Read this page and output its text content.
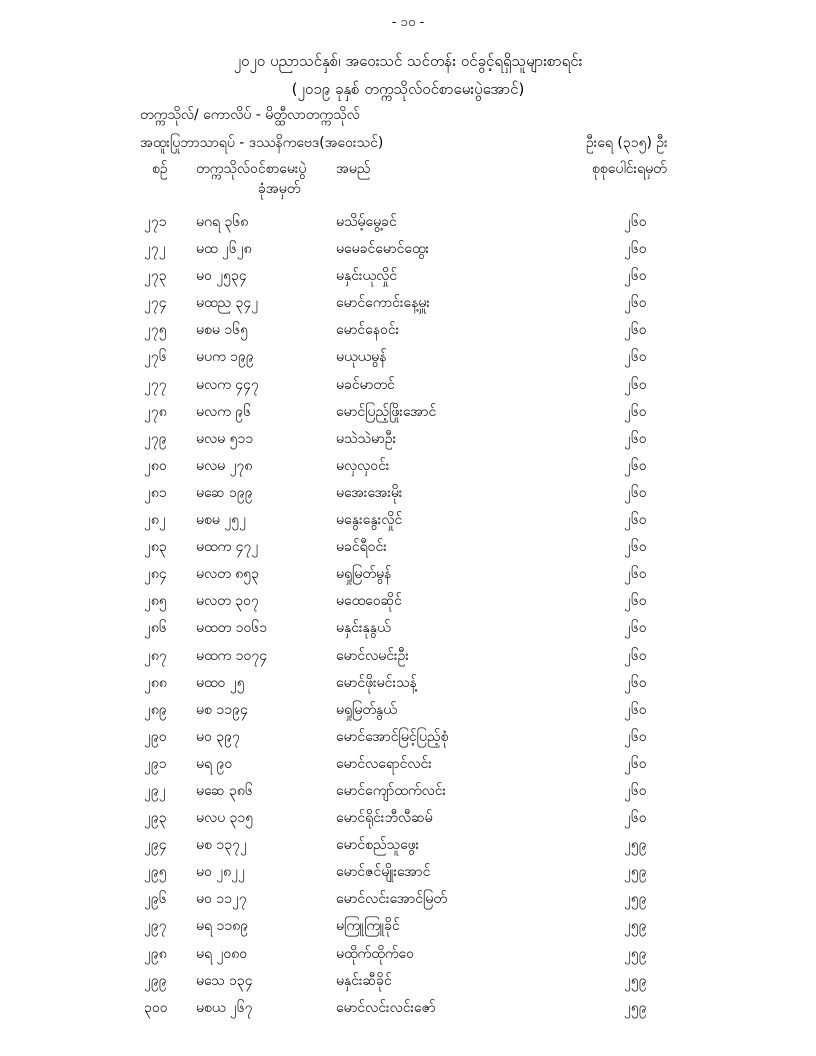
- ၁၀ -
၂၀၂၀ ပညာသင်နှစ်၊ အဝေးသင် သင်တန်း ဝင်ခွင့်ရရှိသူများစာရင်း
(၂၀၁၉ ခုနှစ် တက္ကသိုလ်ဝင်စာမေးပွဲအောင်)
တက္ကသိုလ်/ ကောလိပ် - မိတ္ထီလာတက္ကသိုလ်
အထူးပြုဘာသာရပ် - ဒဿနိကဗေဒ(အဝေးသင်)	ဦးရေ (၃၁၅) ဦး
စဉ် တက္ကသိုလ်ဝင်စာမေးပွဲ
ခုံအမှတ်
အမည်	စုစုပေါင်းရမှတ်
၂၇၁ မဂရ ၃၆၈	မသိမ့်မွေ့ခင်	၂၆၀
၂၇၂ မထ ၂၆၂၈	မမေခင်မောင်ထွေး	၂၆၀
၂၇၃ မဝ ၂၅၃၄	မနှင်းယုလှိုင်	၂၆၀
၂၇၄ မထည ၃၄၂	မောင်ကောင်းနေ့မှူး	၂၆၀
၂၇၅ မစမ ၁၆၅	မောင်နေဝင်း	၂၆၀
၂၇၆ မပက ၁၉၉	မယုယမွန်	၂၆၀
၂၇၇ မလက ၄၄၇	မခင်မာတင်	၂၆၀
၂၇၈ မလက ၉၆	မောင်ပြည့်ဖြိုးအောင်	၂၆၀
၂၇၉ မလမ ၅၁၁	မသဲသဲမာဦး	၂၆၀
၂၈၀ မလမ ၂၇၈	မလှလှဝင်း	၂၆၀
၂၈၁ မဆေ ၁၉၉	မအေးအေးမိုး	၂၆၀
၂၈၂ မစမ ၂၅၂	မနွေးနွေးလှိုင်	၂၆၀
၂၈၃ မထက ၄၇၂	မခင်ရီဝင်း	၂၆၀
၂၈၄ မလတ ၈၅၃	မရှုမြတ်မွန်	၂၆၀
၂၈၅ မလတ ၃၀၇	မထေဝေဆိုင်	၂၆၀
၂၈၆ မထတ ၁၀၆၁	မနှင်းနုနွယ်	၂၆၀
၂၈၇ မထက ၁၀၇၄	မောင်လမင်းဦး	၂၆၀
၂၈၈ မထဝ ၂၅	မောင်ဖိုးမင်းသန့်	၂၆၀
၂၈၉ မစ ၁၁၉၄	မရှုမြတ်နွယ်	၂၆၀
၂၉၀ မဝ ၃၉၇	မောင်အောင်မြင့်ပြည့်စုံ	၂၆၀
၂၉၁ မရ ၉၀	မောင်လရောင်လင်း	၂၆၀
၂၉၂ မဆေ ၃၈၆	မောင်ကျော်ထက်လင်း	၂၆၀
၂၉၃ မလပ ၃၁၅	မောင်ရိုင်းဘီလီဆမ်	၂၆၀
၂၉၄ မစ ၁၃၇၂	မောင်စည်သူဖွေး	၂၅၉
၂၉၅ မဝ ၂၈၂၂	မောင်ဇင်မျိုးအောင်	၂၅၉
၂၉၆ မဝ ၁၁၂၇	မောင်လင်းအောင်မြတ်	၂၅၉
၂၉၇ မရ ၁၁၈၉	မကြူကြူခိုင်	၂၅၉
၂၉၈ မရ ၂၀၈၀	မထိုက်ထိုက်ဝေ	၂၅၉
၂၉၉ မသေ ၁၃၄	မနှင်းဆီခိုင်	၂၅၉
၃၀၀ မစယ ၂၆၇	မောင်လင်းလင်းဇော်	၂၅၉
